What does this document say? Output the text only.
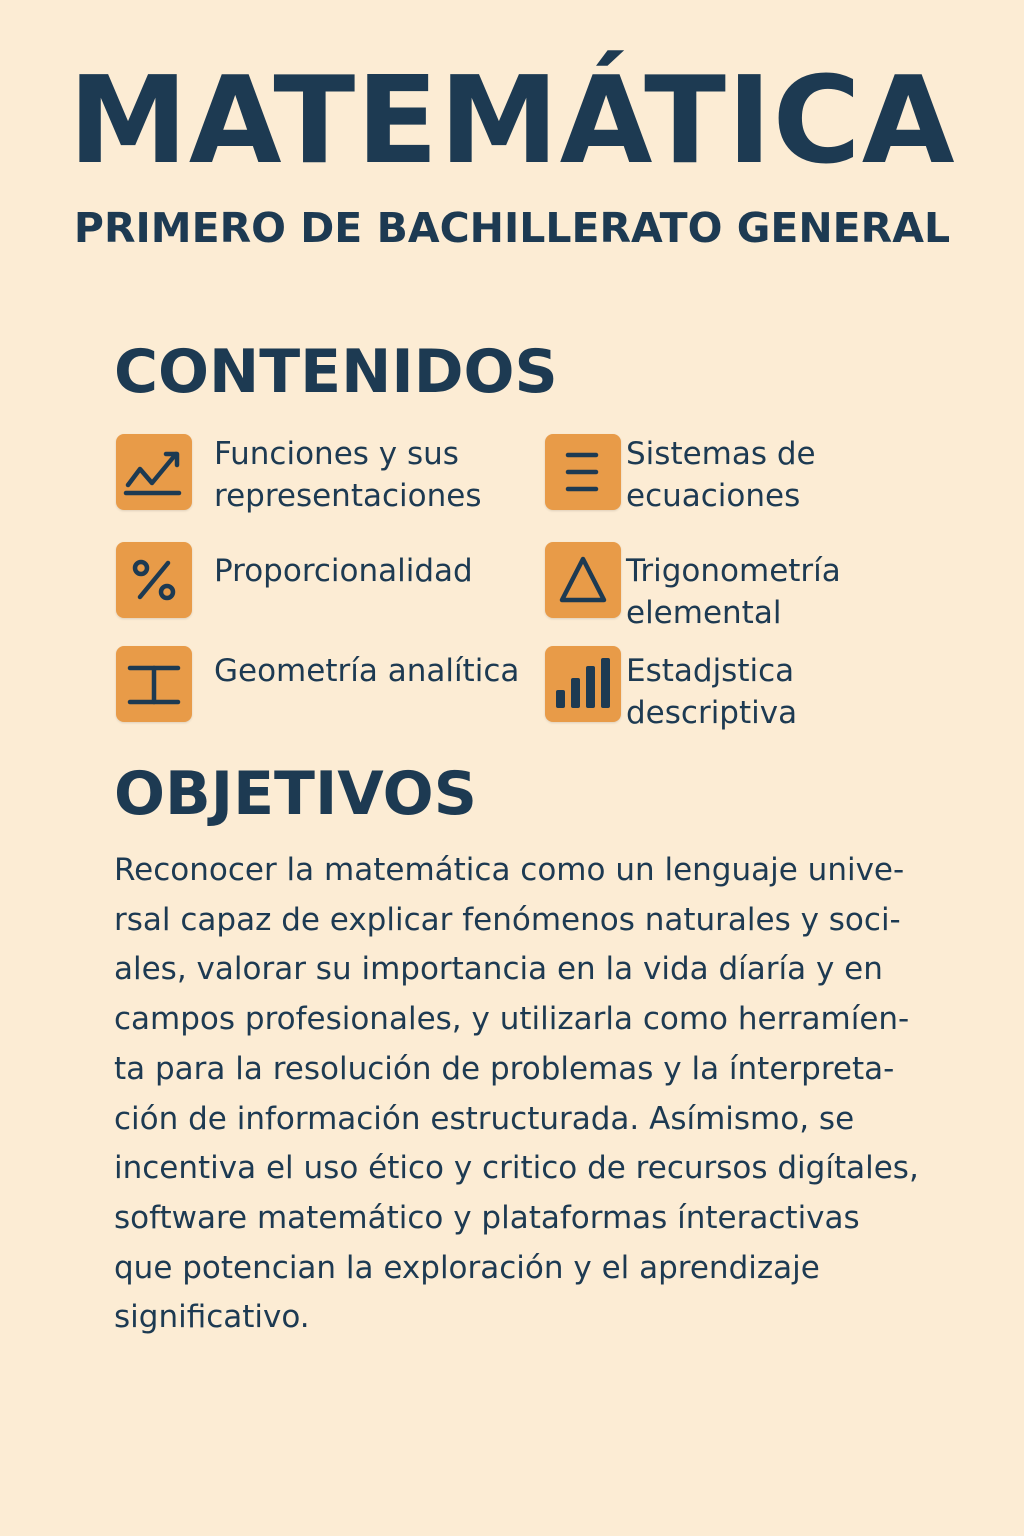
MATEMÁTICA
PRIMERO DE BACHILLERATO GENERAL
CONTENIDOS
Funciones y sus
representaciones
Sistemas de
ecuaciones
Proporcionalidad	Trigonometría
elemental
Geometría analítica	Estadjstica
descriptiva
OBJETIVOS
Reconocer la matemática como un lenguaje unive-
rsal capaz de explicar fenómenos naturales y soci-
ales, valorar su importancia en la vida díaría y en
campos profesionales, y utilizarla como herramíen-
ta para la resolución de problemas y la ínterpreta-
ción de información estructurada. Asímismo, se
incentiva el uso ético y critico de recursos digítales,
software matemático y plataformas ínteractivas
que potencian la exploración y el aprendizaje
significativo.
